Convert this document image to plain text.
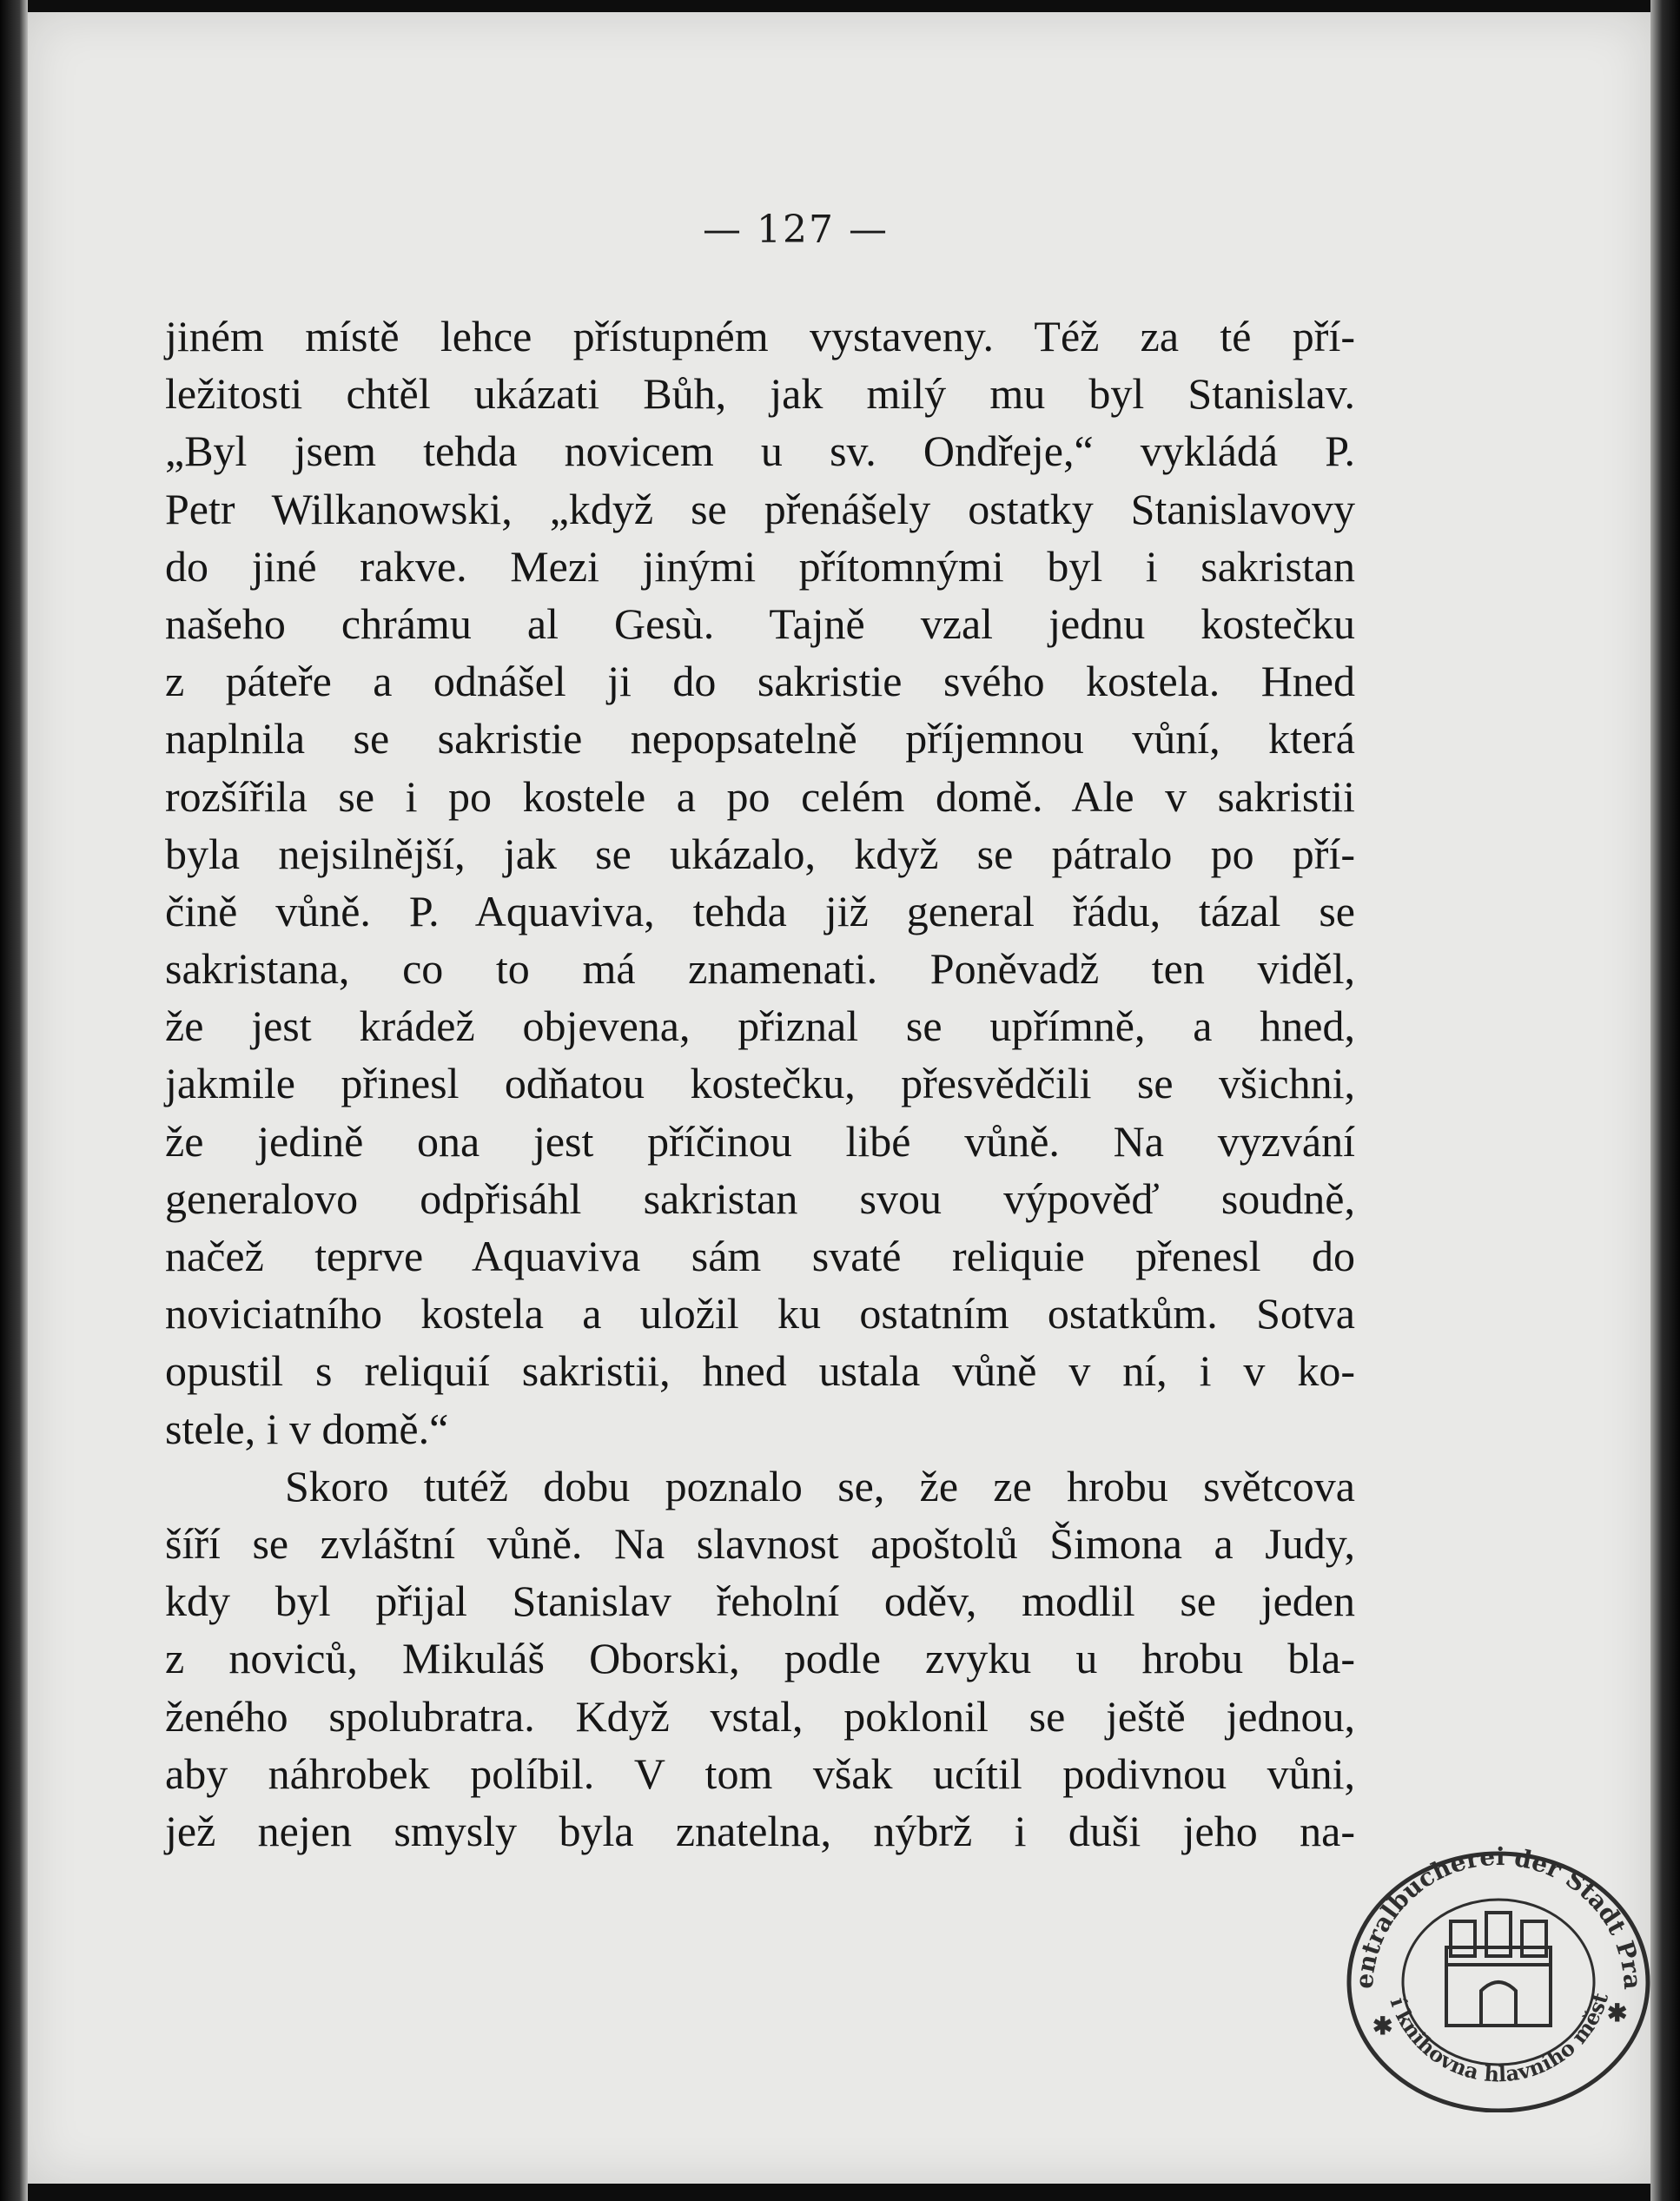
— 127 —
jiném místě lehce přístupném vystaveny. Též za té pří-
ležitosti chtěl ukázati Bůh, jak milý mu byl Stanislav.
„Byl jsem tehda novicem u sv. Ondřeje,“ vykládá P.
Petr Wilkanowski, „když se přenášely ostatky Stanislavovy
do jiné rakve. Mezi jinými přítomnými byl i sakristan
našeho chrámu al Gesù. Tajně vzal jednu kostečku
z páteře a odnášel ji do sakristie svého kostela. Hned
naplnila se sakristie nepopsatelně příjemnou vůní, která
rozšířila se i po kostele a po celém domě. Ale v sakristii
byla nejsilnější, jak se ukázalo, když se pátralo po pří-
čině vůně. P. Aquaviva, tehda již general řádu, tázal se
sakristana, co to má znamenati. Poněvadž ten viděl,
že jest krádež objevena, přiznal se upřímně, a hned,
jakmile přinesl odňatou kostečku, přesvědčili se všichni,
že jedině ona jest příčinou libé vůně. Na vyzvání
generalovo odpřisáhl sakristan svou výpověď soudně,
načež teprve Aquaviva sám svaté reliquie přenesl do
noviciatního kostela a uložil ku ostatním ostatkům. Sotva
opustil s reliquií sakristii, hned ustala vůně v ní, i v ko-
stele, i v domě.“
Skoro tutéž dobu poznalo se, že ze hrobu světcova
šíří se zvláštní vůně. Na slavnost apoštolů Šimona a Judy,
kdy byl přijal Stanislav řeholní oděv, modlil se jeden
z noviců, Mikuláš Oborski, podle zvyku u hrobu bla-
ženého spolubratra. Když vstal, poklonil se ještě jednou,
aby náhrobek políbil. V tom však ucítil podivnou vůni,
jež nejen smysly byla znatelna, nýbrž i duši jeho na-
entralbücherei der Stadt Pra
í knihovna hlavního měst
✱	✱
